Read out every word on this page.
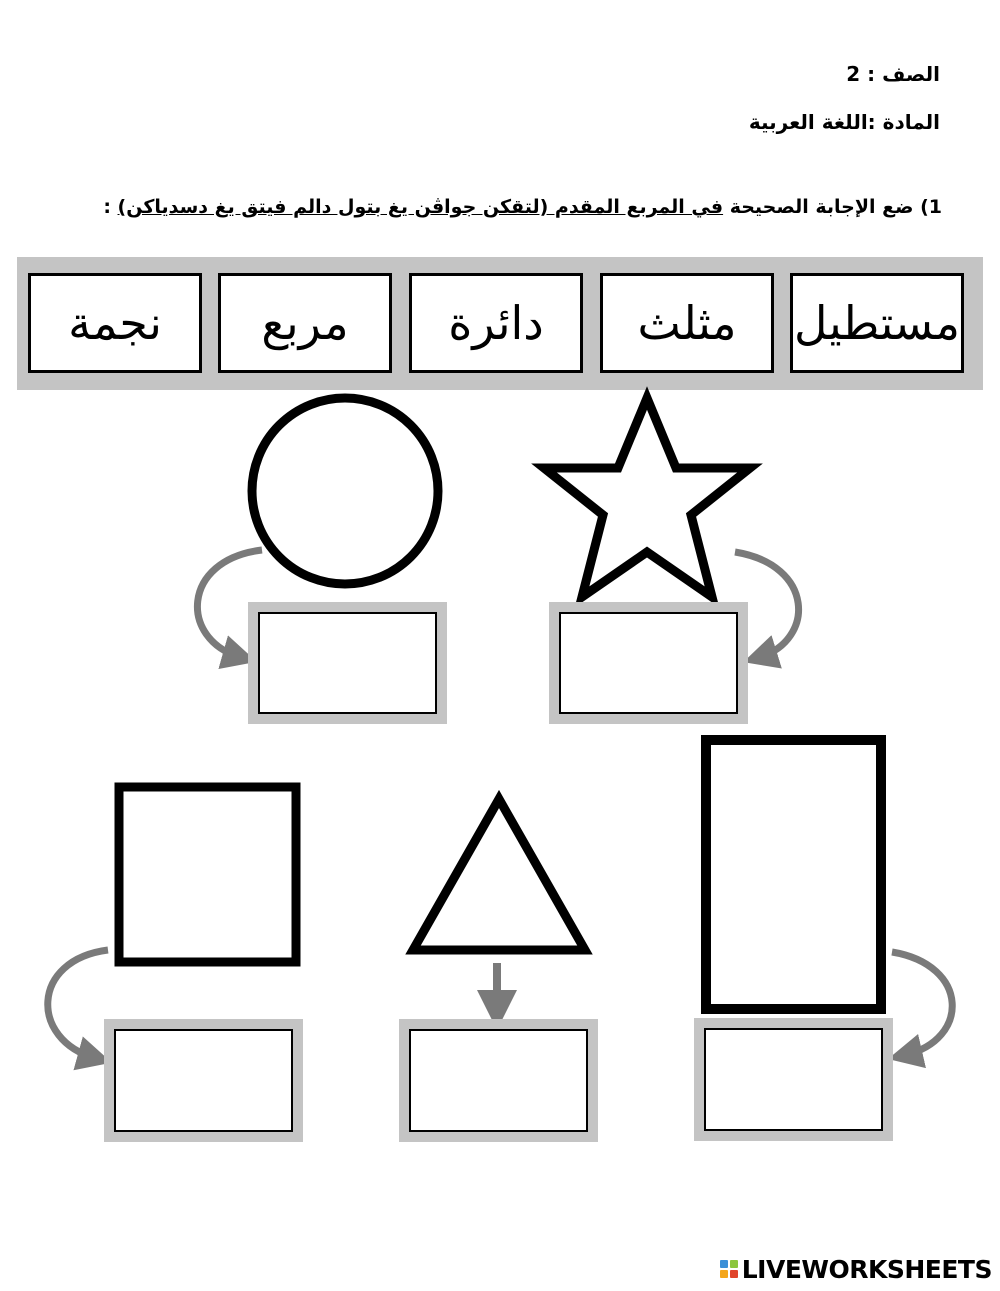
الصف : 2
المادة :اللغة العربية
1) ضع الإجابة الصحيحة في المربع المقدم (لتقكن جواڤن يغ بتول دالم فيتق يغ دسدياكن) :
مستطيل
مثلث
دائرة
مربع
نجمة
LIVEWORKSHEETS
